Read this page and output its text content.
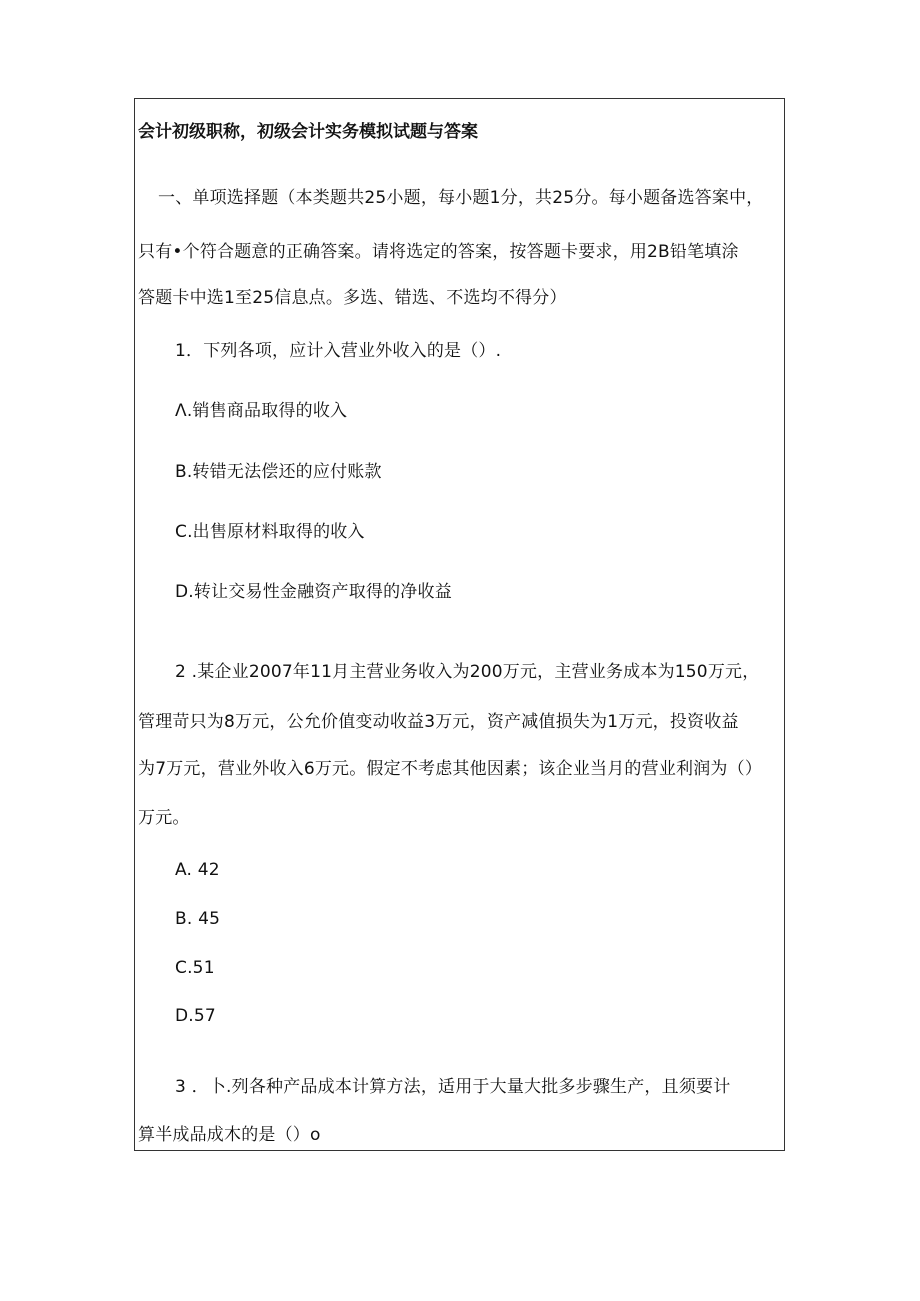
会计初级职称，初级会计实务模拟试题与答案
一、单项选择题（本类题共25小题，每小题1分，共25分。每小题备选答案中，
只有•个符合题意的正确答案。请将选定的答案，按答题卡要求，用2B铅笔填涂
答题卡中选1至25信息点。多选、错选、不选均不得分）
1．下列各项，应计入营业外收入的是（）.
Λ.销售商品取得的收入
B.转错无法偿还的应付账款
C.出售原材料取得的收入
D.转让交易性金融资产取得的净收益
2 .某企业2007年11月主营业务收入为200万元，主营业务成本为150万元，
管理苛只为8万元，公允价值变动收益3万元，资产减值损失为1万元，投资收益
为7万元，营业外收入6万元。假定不考虑其他因素；该企业当月的营业利润为（）
万元。
A. 42
B. 45
C.51
D.57
3 ．卜.列各种产品成本计算方法，适用于大量大批多步骤生产，且须要计
算半成品成木的是（）o
